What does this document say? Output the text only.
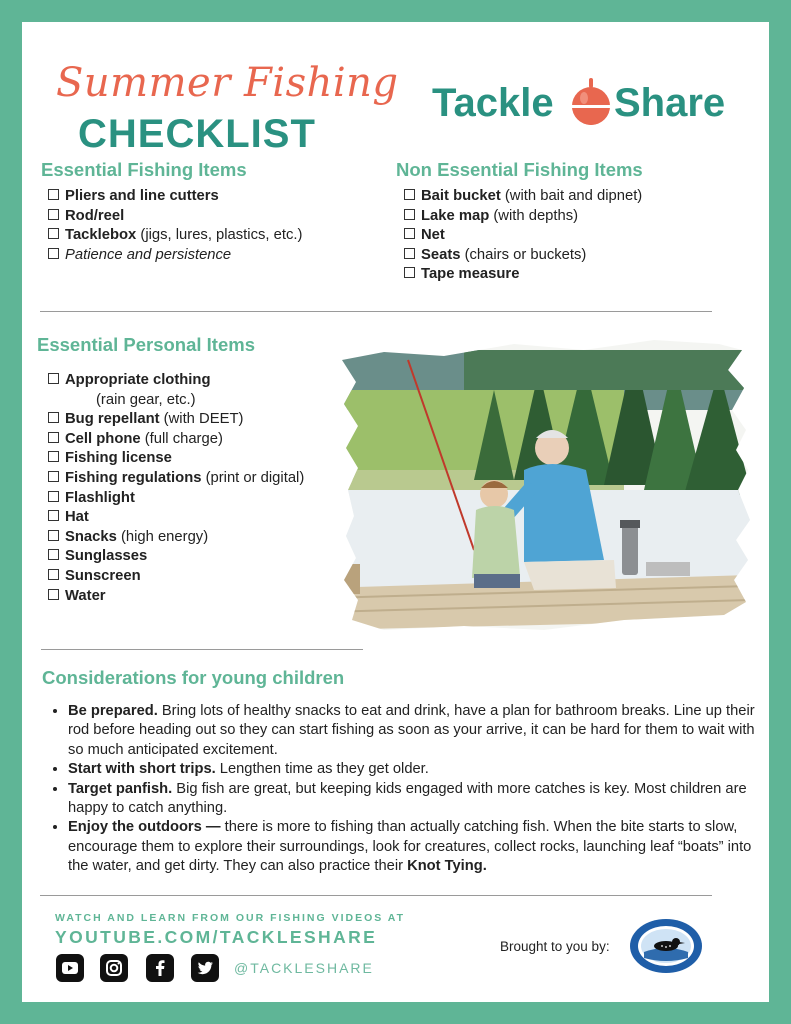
Summer Fishing
CHECKLIST
Tackle Share
Essential Fishing Items
Pliers and line cutters
Rod/reel
Tacklebox (jigs, lures, plastics, etc.)
Patience and persistence
Non Essential Fishing Items
Bait bucket (with bait and dipnet)
Lake map (with depths)
Net
Seats (chairs or buckets)
Tape measure
Essential Personal Items
Appropriate clothing
(rain gear, etc.)
Bug repellant (with DEET)
Cell phone (full charge)
Fishing license
Fishing regulations (print or digital)
Flashlight
Hat
Snacks (high energy)
Sunglasses
Sunscreen
Water
Considerations for young children
• Be prepared. Bring lots of healthy snacks to eat and drink, have a plan for bathroom breaks. Line up their rod before heading out so they can start fishing as soon as your arrive, it can be hard for them to wait with so much anticipated excitement.
• Start with short trips. Lengthen time as they get older.
• Target panfish. Big fish are great, but keeping kids engaged with more catches is key. Most children are happy to catch anything.
• Enjoy the outdoors — there is more to fishing than actually catching fish. When the bite starts to slow, encourage them to explore their surroundings, look for creatures, collect rocks, launching leaf “boats” into the water, and get dirty. They can also practice their Knot Tying.
WATCH AND LEARN FROM OUR FISHING VIDEOS AT
YOUTUBE.COM/TACKLESHARE
@TACKLESHARE
Brought to you by:
